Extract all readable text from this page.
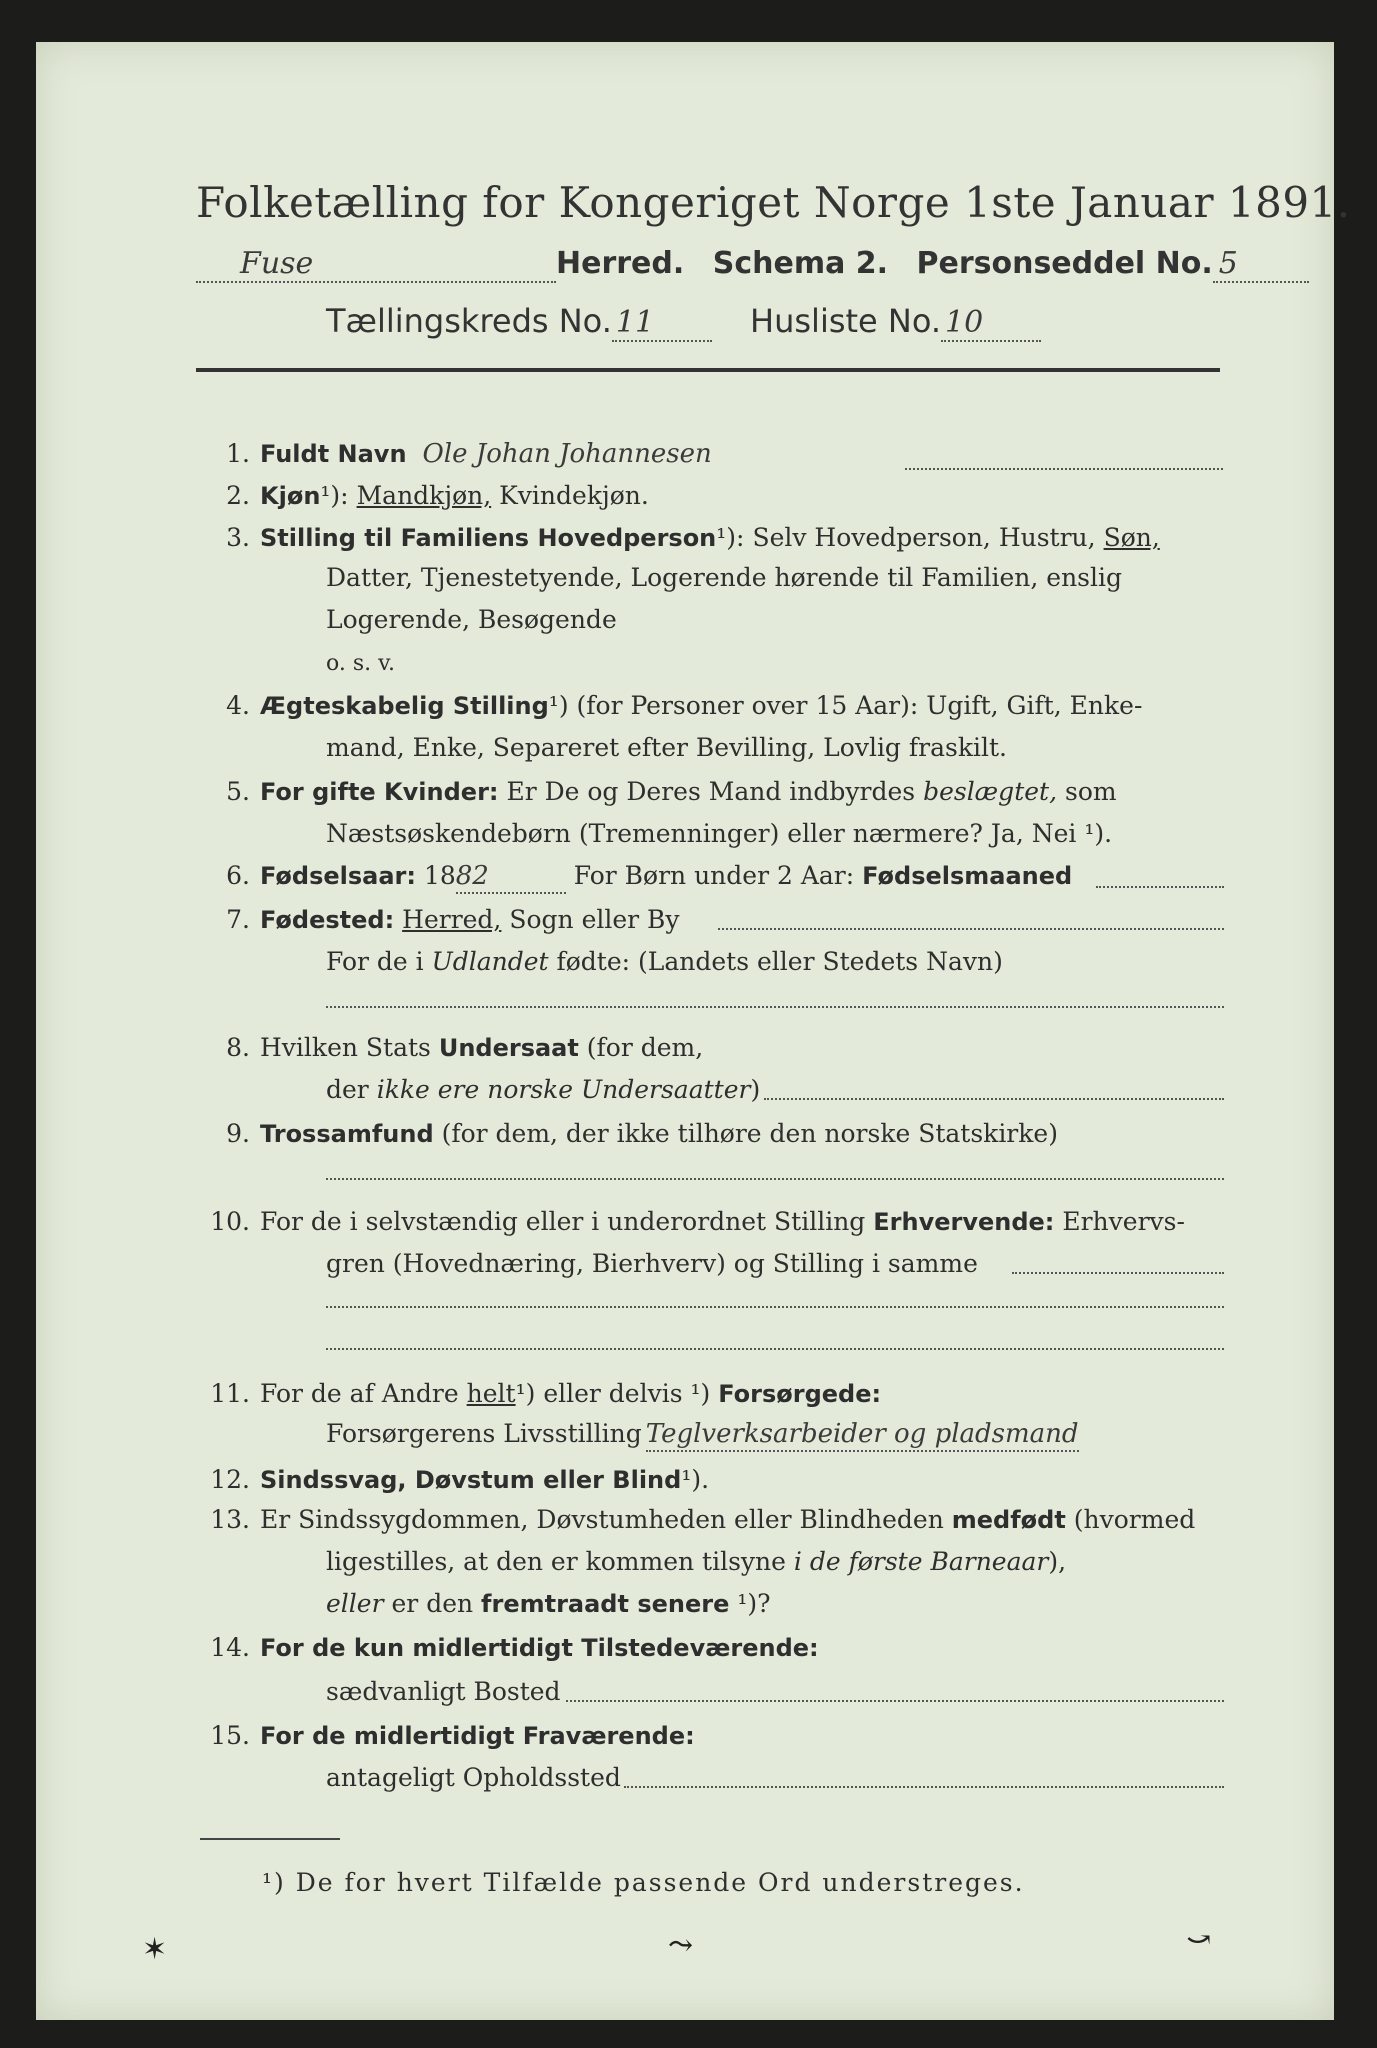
Folketælling for Kongeriget Norge 1ste Januar 1891.
Fuse	Herred. Schema 2. Personseddel No. 5
Tællingskreds No. 11	Husliste No. 10
1. Fuldt Navn Ole Johan Johannesen
2. Kjøn¹): Mandkjøn, Kvindekjøn.
3. Stilling til Familiens Hovedperson¹): Selv Hovedperson, Hustru, Søn,
Datter, Tjenestetyende, Logerende hørende til Familien, enslig
Logerende, Besøgende
o. s. v.
4. Ægteskabelig Stilling¹) (for Personer over 15 Aar): Ugift, Gift, Enke-
mand, Enke, Separeret efter Bevilling, Lovlig fraskilt.
5. For gifte Kvinder: Er De og Deres Mand indbyrdes beslægtet, som
Næstsøskendebørn (Tremenninger) eller nærmere? Ja, Nei ¹).
6. Fødselsaar: 1882	For Børn under 2 Aar: Fødselsmaaned
7. Fødested: Herred, Sogn eller By
For de i Udlandet fødte: (Landets eller Stedets Navn)
8. Hvilken Stats Undersaat (for dem,
der ikke ere norske Undersaatter)
9. Trossamfund (for dem, der ikke tilhøre den norske Statskirke)
10. For de i selvstændig eller i underordnet Stilling Erhvervende: Erhvervs-
gren (Hovednæring, Bierhverv) og Stilling i samme
11. For de af Andre helt¹) eller delvis ¹) Forsørgede:
Forsørgerens Livsstilling Teglverksarbeider og pladsmand
12. Sindssvag, Døvstum eller Blind¹).
13. Er Sindssygdommen, Døvstumheden eller Blindheden medfødt (hvormed
ligestilles, at den er kommen tilsyne i de første Barneaar),
eller er den fremtraadt senere ¹)?
14. For de kun midlertidigt Tilstedeværende:
sædvanligt Bosted
15. For de midlertidigt Fraværende:
antageligt Opholdssted
¹) De for hvert Tilfælde passende Ord understreges.
✶	⤳	⤻
